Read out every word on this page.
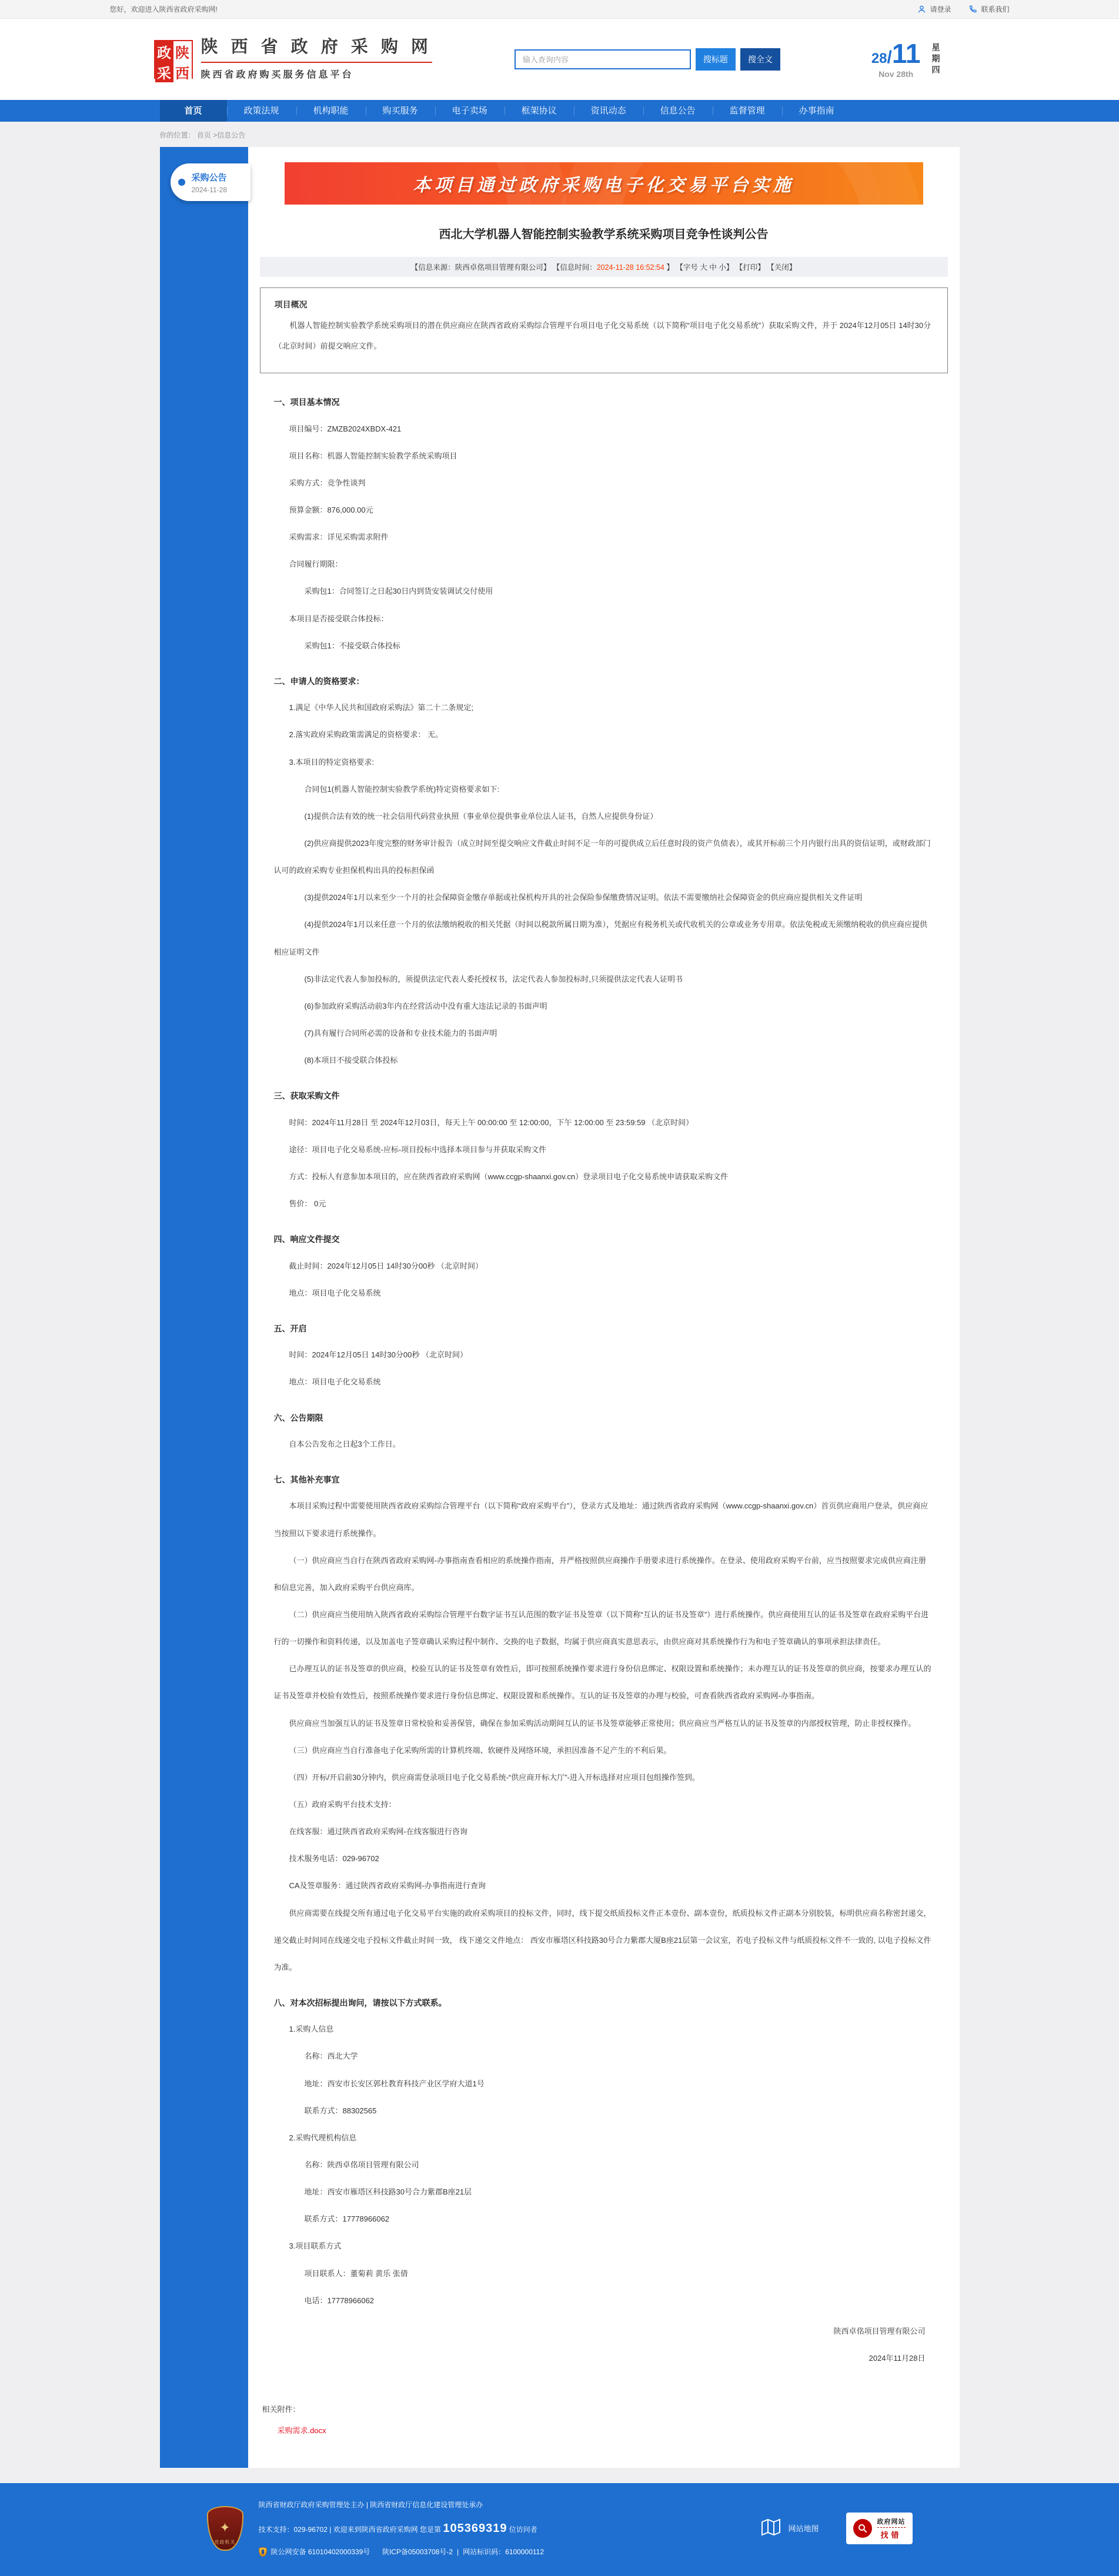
您好，欢迎进入陕西省政府采购网!	请登录	联系我们
政 陕
采 西
陕 西 省 政 府 采 购 网
陕西省政府购买服务信息平台
输入查询内容
搜标题	搜全文	28/11
Nov 28th	星期四
首页	政策法规	机构职能	购买服务	电子卖场	框架协议	资讯动态	信息公告	监督管理	办事指南
你的位置： 首页 >信息公告
采购公告
2024-11-28	本项目通过政府采购电子化交易平台实施
西北大学机器人智能控制实验教学系统采购项目竞争性谈判公告
【信息来源：陕西卓佲项目管理有限公司】 【信息时间：2024-11-28 16:52:54 】 【字号 大 中 小】 【打印】 【关闭】

项目概况

机器人智能控制实验教学系统采购项目的潜在供应商应在陕西省政府采购综合管理平台项目电子化交易系统（以下简称“项目电子化交易系统”）获取采购文件，并于 2024年12月05日 14时30分 （北京时间）前提交响应文件。

一、项目基本情况

项目编号：ZMZB2024XBDX-421

项目名称：机器人智能控制实验教学系统采购项目

采购方式：竞争性谈判

预算金额：876,000.00元

采购需求：详见采购需求附件

合同履行期限：

采购包1：合同签订之日起30日内到货安装调试交付使用

本项目是否接受联合体投标：

采购包1：不接受联合体投标

二、申请人的资格要求：

1.满足《中华人民共和国政府采购法》第二十二条规定;

2.落实政府采购政策需满足的资格要求： 无。

3.本项目的特定资格要求:

合同包1(机器人智能控制实验教学系统)特定资格要求如下:

(1)提供合法有效的统一社会信用代码营业执照（事业单位提供事业单位法人证书，自然人应提供身份证）

(2)供应商提供2023年度完整的财务审计报告（成立时间至提交响应文件截止时间不足一年的可提供成立后任意时段的资产负债表），或其开标前三个月内银行出具的资信证明，或财政部门认可的政府采购专业担保机构出具的投标担保函

(3)提供2024年1月以来至少一个月的社会保障资金缴存单据或社保机构开具的社会保险参保缴费情况证明。依法不需要缴纳社会保障资金的供应商应提供相关文件证明

(4)提供2024年1月以来任意一个月的依法缴纳税收的相关凭据（时间以税款所属日期为准），凭据应有税务机关或代收机关的公章或业务专用章。依法免税或无须缴纳税收的供应商应提供相应证明文件

(5)非法定代表人参加投标的，须提供法定代表人委托授权书，法定代表人参加投标时,只须提供法定代表人证明书

(6)参加政府采购活动前3年内在经营活动中没有重大违法记录的书面声明

(7)具有履行合同所必需的设备和专业技术能力的书面声明

(8)本项目不接受联合体投标

三、获取采购文件

时间：2024年11月28日 至 2024年12月03日，每天上午 00:00:00 至 12:00:00，下午 12:00:00 至 23:59:59 （北京时间）

途径：项目电子化交易系统-应标-项目投标中选择本项目参与并获取采购文件

方式：投标人有意参加本项目的，应在陕西省政府采购网（www.ccgp-shaanxi.gov.cn）登录项目电子化交易系统申请获取采购文件

售价： 0元

四、响应文件提交

截止时间：2024年12月05日 14时30分00秒 （北京时间）

地点：项目电子化交易系统

五、开启

时间：2024年12月05日 14时30分00秒 （北京时间）

地点：项目电子化交易系统

六、公告期限

自本公告发布之日起3个工作日。

七、其他补充事宜

本项目采购过程中需要使用陕西省政府采购综合管理平台（以下简称“政府采购平台”），登录方式及地址：通过陕西省政府采购网（www.ccgp-shaanxi.gov.cn）首页供应商用户登录，供应商应当按照以下要求进行系统操作。

（一）供应商应当自行在陕西省政府采购网-办事指南查看相应的系统操作指南，并严格按照供应商操作手册要求进行系统操作。在登录、使用政府采购平台前，应当按照要求完成供应商注册和信息完善，加入政府采购平台供应商库。

（二）供应商应当使用纳入陕西省政府采购综合管理平台数字证书互认范围的数字证书及签章（以下简称“互认的证书及签章”）进行系统操作。供应商使用互认的证书及签章在政府采购平台进行的一切操作和资料传递，以及加盖电子签章确认采购过程中制作、交换的电子数据，均属于供应商真实意思表示，由供应商对其系统操作行为和电子签章确认的事项承担法律责任。

已办理互认的证书及签章的供应商，校验互认的证书及签章有效性后，即可按照系统操作要求进行身份信息绑定、权限设置和系统操作；未办理互认的证书及签章的供应商，按要求办理互认的证书及签章并校验有效性后，按照系统操作要求进行身份信息绑定、权限设置和系统操作。互认的证书及签章的办理与校验，可查看陕西省政府采购网-办事指南。

供应商应当加强互认的证书及签章日常校验和妥善保管，确保在参加采购活动期间互认的证书及签章能够正常使用；供应商应当严格互认的证书及签章的内部授权管理，防止非授权操作。

（三）供应商应当自行准备电子化采购所需的计算机终端、软硬件及网络环境，承担因准备不足产生的不利后果。

（四）开标/开启前30分钟内，供应商需登录项目电子化交易系统-“供应商开标大厅”-进入开标选择对应项目包组操作签到。

（五）政府采购平台技术支持：

在线客服：通过陕西省政府采购网-在线客服进行咨询

技术服务电话：029-96702

CA及签章服务：通过陕西省政府采购网-办事指南进行查询

供应商需要在线提交所有通过电子化交易平台实施的政府采购项目的投标文件，同时，线下提交纸质投标文件正本壹份、副本壹份，纸质投标文件正副本分别胶装，标明供应商名称密封递交，递交截止时间同在线递交电子投标文件截止时间一致， 线下递交文件地点： 西安市雁塔区科技路30号合力紫郡大厦B座21层第一会议室，若电子投标文件与纸质投标文件不一致的, 以电子投标文件为准。

八、对本次招标提出询问，请按以下方式联系。

1.采购人信息

名称：西北大学

地址：西安市长安区郭杜教育科技产业区学府大道1号

联系方式：88302565

2.采购代理机构信息

名称：陕西卓佲项目管理有限公司

地址：西安市雁塔区科技路30号合力紫郡B座21层

联系方式：17778966062

3.项目联系方式

项目联系人：董菊莉 黄乐 张倩

电话：17778966062

陕西卓佲项目管理有限公司
2024年11月28日
相关附件：
采购需求.docx
✦
党政机关
陕西省财政厅政府采购管理处主办 | 陕西省财政厅信息化建设管理处承办
技术支持：029-96702 | 欢迎来到陕西省政府采购网 您是第 105369319 位访问者
陕公网安备 61010402000339号
陕ICP备05003708号-2 | 网站标识码：6100000112
网站地图
政府网站
找错
